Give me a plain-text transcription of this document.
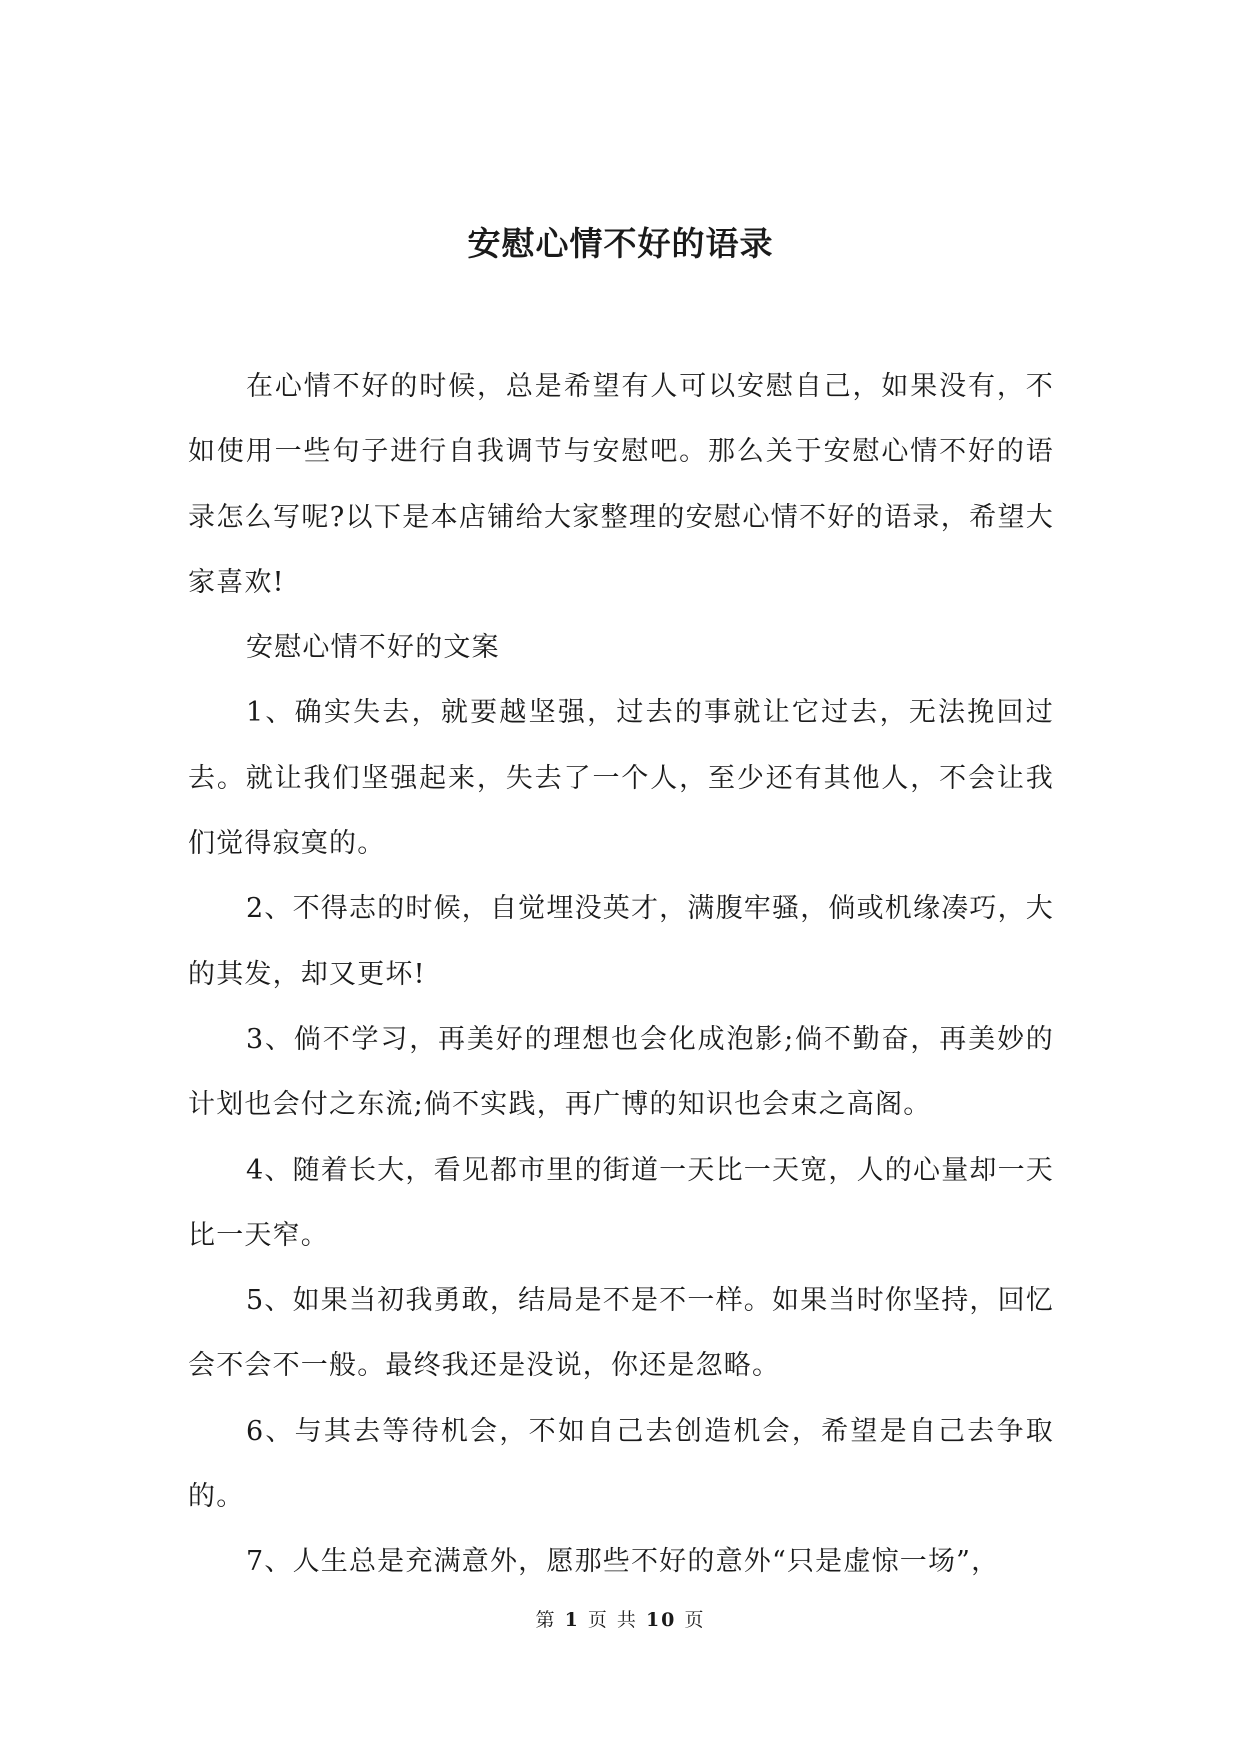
安慰心情不好的语录

在心情不好的时候，总是希望有人可以安慰自己，如果没有，不如使用一些句子进行自我调节与安慰吧。那么关于安慰心情不好的语录怎么写呢?以下是本店铺给大家整理的安慰心情不好的语录，希望大家喜欢!

安慰心情不好的文案

1、确实失去，就要越坚强，过去的事就让它过去，无法挽回过去。就让我们坚强起来，失去了一个人，至少还有其他人，不会让我们觉得寂寞的。

2、不得志的时候，自觉埋没英才，满腹牢骚，倘或机缘凑巧，大的其发，却又更坏!

3、倘不学习，再美好的理想也会化成泡影;倘不勤奋，再美妙的计划也会付之东流;倘不实践，再广博的知识也会束之高阁。

4、随着长大，看见都市里的街道一天比一天宽，人的心量却一天比一天窄。

5、如果当初我勇敢，结局是不是不一样。如果当时你坚持，回忆会不会不一般。最终我还是没说，你还是忽略。

6、与其去等待机会，不如自己去创造机会，希望是自己去争取的。

7、人生总是充满意外，愿那些不好的意外“只是虚惊一场”，

第 1 页 共 10 页
